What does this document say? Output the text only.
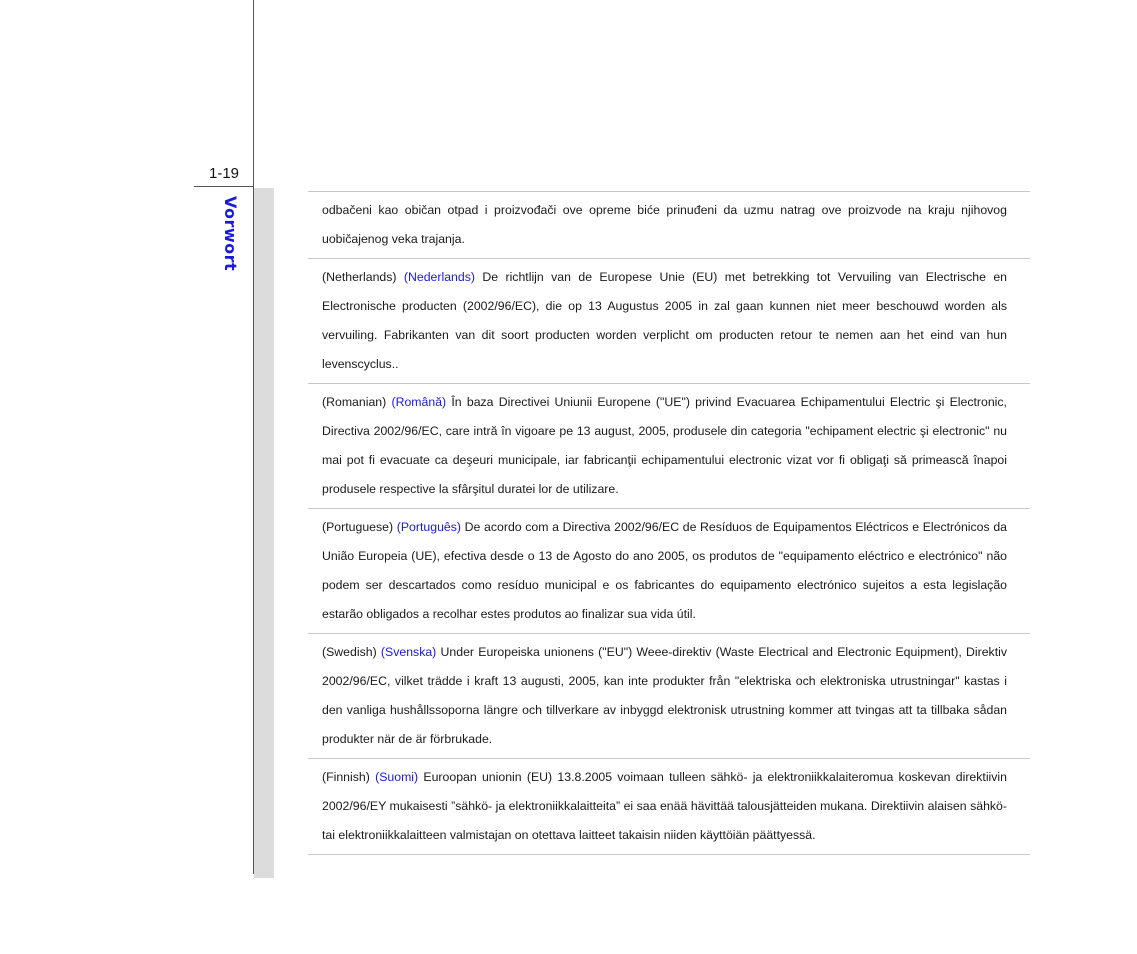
1-19
Vorwort	odbačeni kao običan otpad i proizvođači ove opreme biće prinuđeni da uzmu natrag ove proizvode na kraju njihovog uobičajenog veka trajanja.
(Netherlands) (Nederlands) De richtlijn van de Europese Unie (EU) met betrekking tot Vervuiling van Electrische en Electronische producten (2002/96/EC), die op 13 Augustus 2005 in zal gaan kunnen niet meer beschouwd worden als vervuiling. Fabrikanten van dit soort producten worden verplicht om producten retour te nemen aan het eind van hun levenscyclus..
(Romanian) (Română) În baza Directivei Uniunii Europene ("UE") privind Evacuarea Echipamentului Electric şi Electronic, Directiva 2002/96/EC, care intră în vigoare pe 13 august, 2005, produsele din categoria "echipament electric şi electronic" nu mai pot fi evacuate ca deşeuri municipale, iar fabricanţii echipamentului electronic vizat vor fi obligaţi să primească înapoi produsele respective la sfârşitul duratei lor de utilizare.
(Portuguese) (Português) De acordo com a Directiva 2002/96/EC de Resíduos de Equipamentos Eléctricos e Electrónicos da União Europeia (UE), efectiva desde o 13 de Agosto do ano 2005, os produtos de "equipamento eléctrico e electrónico" não podem ser descartados como resíduo municipal e os fabricantes do equipamento electrónico sujeitos a esta legislação estarão obligados a recolhar estes produtos ao finalizar sua vida útil.
(Swedish) (Svenska) Under Europeiska unionens ("EU") Weee-direktiv (Waste Electrical and Electronic Equipment), Direktiv 2002/96/EC, vilket trädde i kraft 13 augusti, 2005, kan inte produkter från "elektriska och elektroniska utrustningar" kastas i den vanliga hushållssoporna längre och tillverkare av inbyggd elektronisk utrustning kommer att tvingas att ta tillbaka sådan produkter när de är förbrukade.
(Finnish) (Suomi) Euroopan unionin (EU) 13.8.2005 voimaan tulleen sähkö- ja elektroniikkalaiteromua koskevan direktiivin 2002/96/EY mukaisesti ”sähkö- ja elektroniikkalaitteita” ei saa enää hävittää talousjätteiden mukana. Direktiivin alaisen sähkö- tai elektroniikkalaitteen valmistajan on otettava laitteet takaisin niiden käyttöiän päättyessä.
